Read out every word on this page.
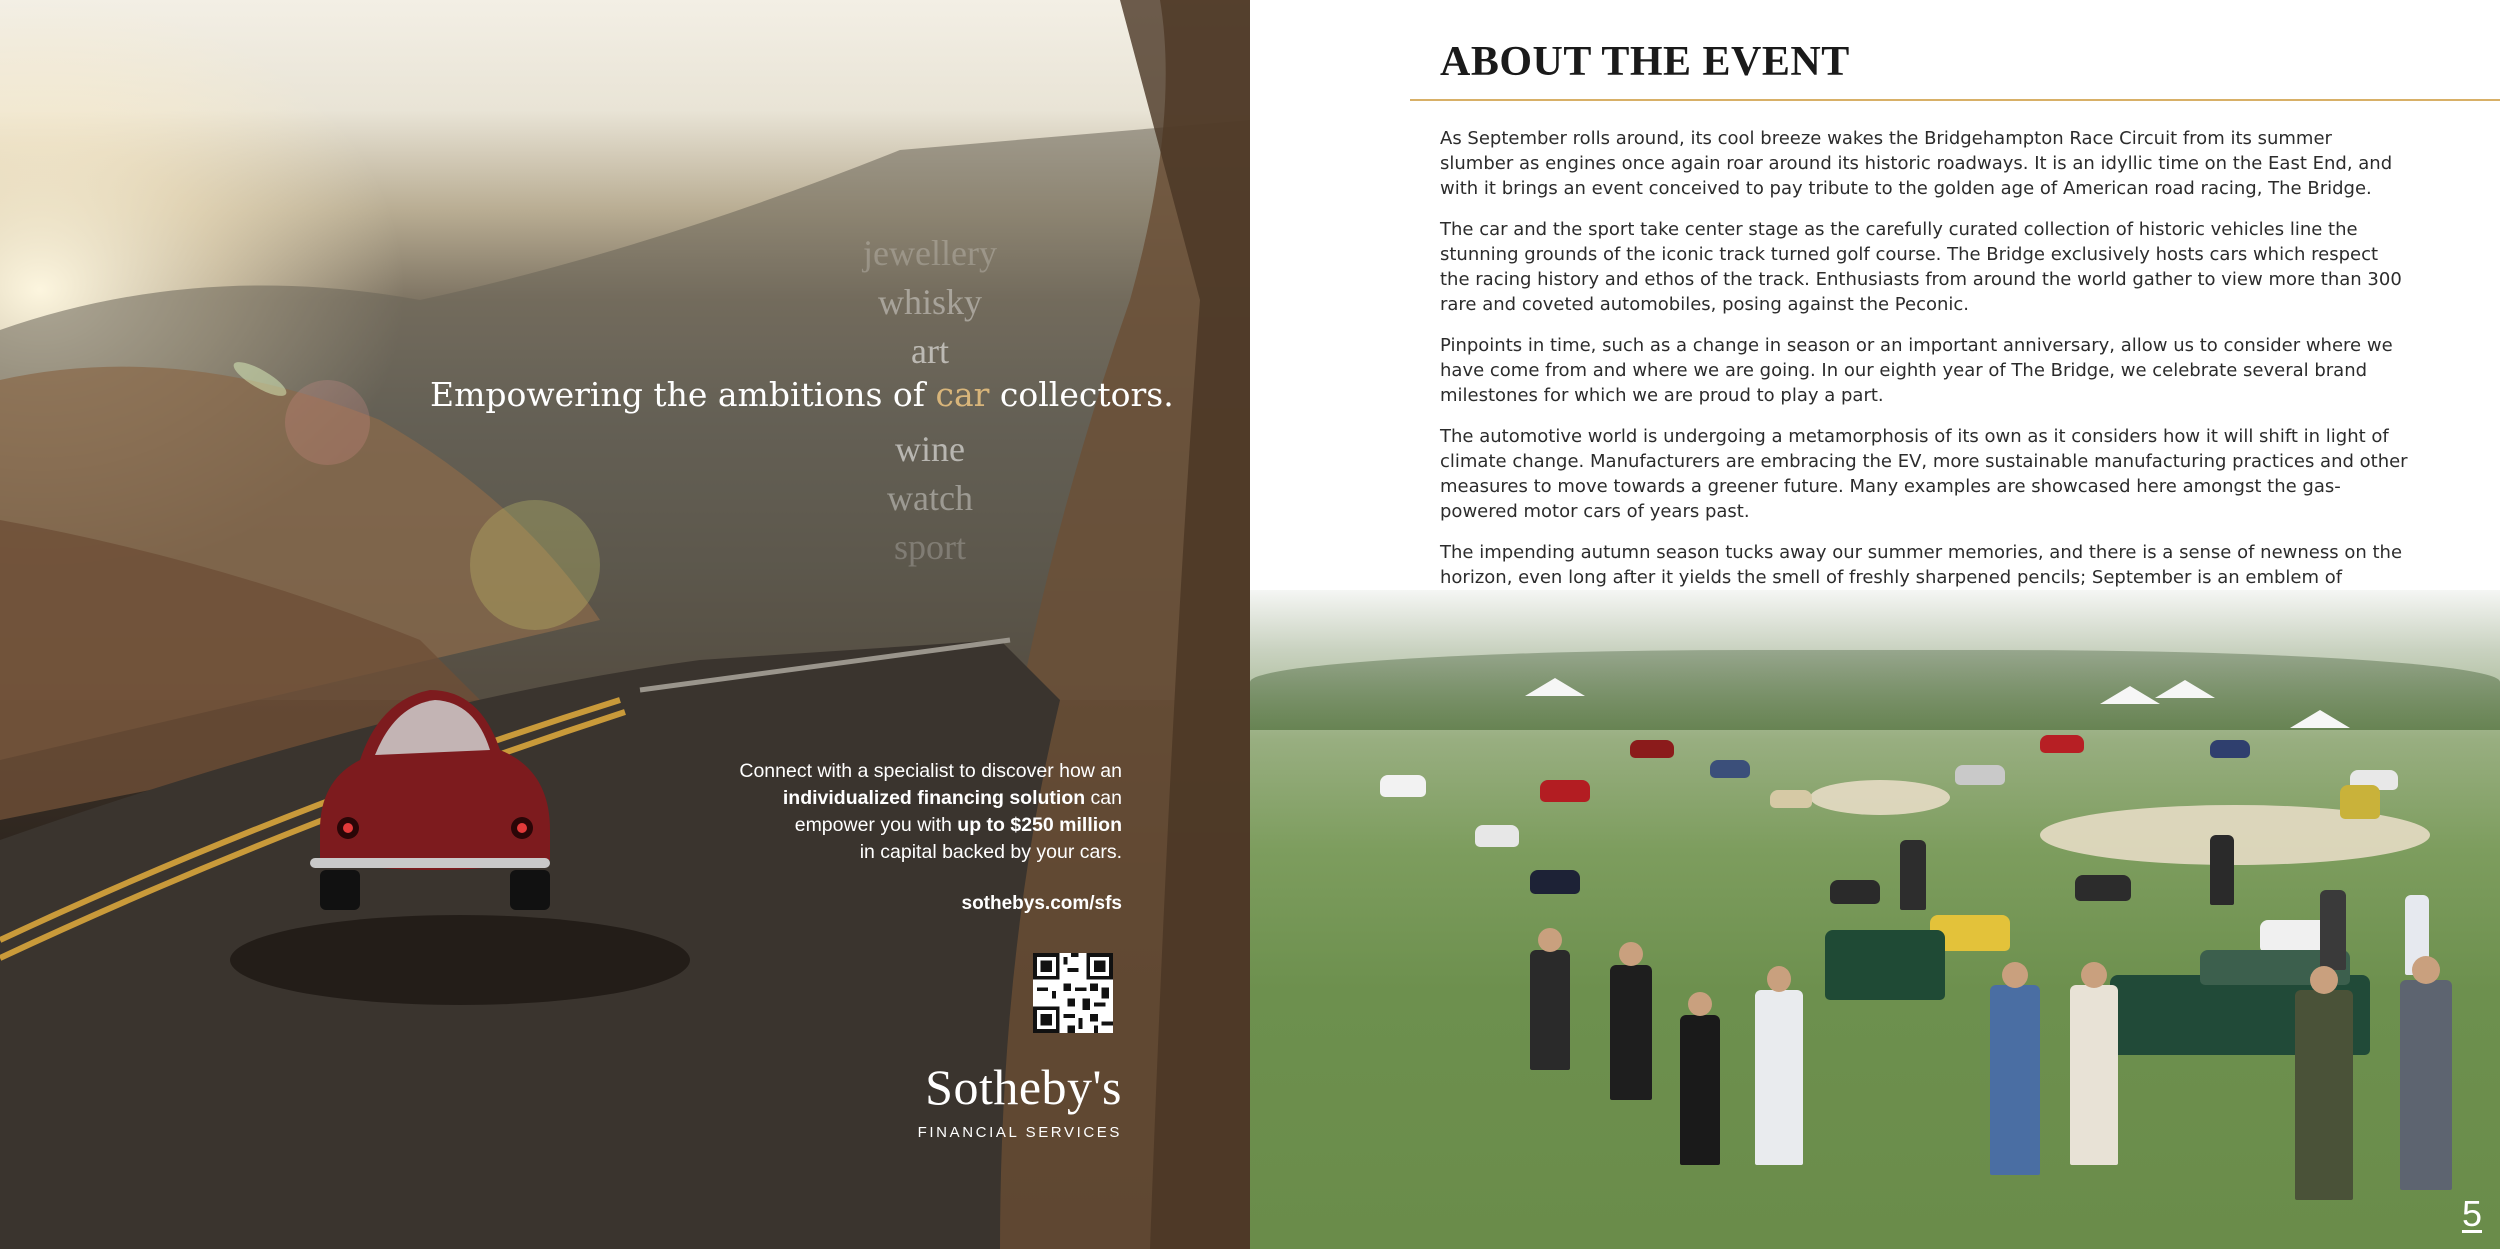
jewellery
whisky
art
Empowering the ambitions of car collectors.
wine
watch
sport
Connect with a specialist to discover how an
individualized financing solution can
empower you with up to $250 million
in capital backed by your cars.
sothebys.com/sfs
Sotheby's
FINANCIAL SERVICES
ABOUT THE EVENT

As September rolls around, its cool breeze wakes the Bridgehampton Race Circuit from its summer slumber as engines once again roar around its historic roadways. It is an idyllic time on the East End, and with it brings an event conceived to pay tribute to the golden age of American road racing, The Bridge.

The car and the sport take center stage as the carefully curated collection of historic vehicles line the stunning grounds of the iconic track turned golf course. The Bridge exclusively hosts cars which respect the racing history and ethos of the track. Enthusiasts from around the world gather to view more than 300 rare and coveted automobiles, posing against the Peconic.

Pinpoints in time, such as a change in season or an important anniversary, allow us to consider where we have come from and where we are going. In our eighth year of The Bridge, we celebrate several brand milestones for which we are proud to play a part.

The automotive world is undergoing a metamorphosis of its own as it considers how it will shift in light of climate change. Manufacturers are embracing the EV, more sustainable manufacturing practices and other measures to move towards a greener future. Many examples are showcased here amongst the gas-powered motor cars of years past.

The impending autumn season tucks away our summer memories, and there is a sense of newness on the horizon, even long after it yields the smell of freshly sharpened pencils; September is an emblem of

5
